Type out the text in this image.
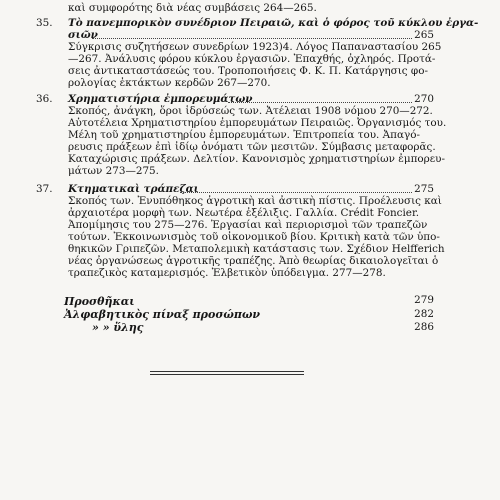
καὶ συμφορότης διὰ νέας συμβάσεις 264—265.
35. Τὸ πανεμπορικὸν συνέδριον Πειραιῶ, καὶ ὁ φόρος τοῦ κύκλου ἐργα-
σιῶν	265
Σύγκρισις συζητήσεων συνεδρίων 1923)4. Λόγος Παπαναστασίου 265
—267. Ἀνάλυσις φόρου κύκλου ἐργασιῶν. Ἐπαχθής, ὀχληρός. Προτά-
σεις ἀντικαταστάσεώς του. Τροποποιήσεις Φ. Κ. Π. Κατάργησις φο-
ρολογίας ἐκτάκτων κερδῶν 267—270.
36. Χρηματιστήρια ἐμπορευμάτων	270
Σκοπός, ἀνάγκη, ὅροι ἱδρύσεώς των. Ἀτέλειαι 1908 νόμου 270—272.
Αὐτοτέλεια Χρηματιστηρίου ἐμπορευμάτων Πειραιῶς. Ὀργανισμός του.
Μέλη τοῦ χρηματιστηρίου ἐμπορευμάτων. Ἐπιτροπεία του. Ἀπαγό-
ρευσις πράξεων ἐπὶ ἰδίῳ ὀνόματι τῶν μεσιτῶν. Σύμβασις μεταφορᾶς.
Καταχώρισις πράξεων. Δελτίον. Κανονισμὸς χρηματιστηρίων ἐμπορευ-
μάτων 273—275.
37. Κτηματικαὶ τράπεζαι	275
Σκοπός των. Ἐνυπόθηκος ἀγροτικὴ καὶ ἀστικὴ πίστις. Προέλευσις καὶ
ἀρχαιοτέρα μορφὴ των. Νεωτέρα ἐξέλιξις. Γαλλία. Crédit Foncier.
Ἀπομίμησις του 275—276. Ἐργασίαι καὶ περιορισμοὶ τῶν τραπεζῶν
τούτων. Ἐκκοινωνισμὸς τοῦ οἰκονομικοῦ βίου. Κριτικὴ κατὰ τῶν ὑπο-
θηκικῶν Γριπεζῶν. Μεταπολεμικὴ κατάστασις των. Σχέδιον Helfferich
νέας ὀργανώσεως ἀγροτικῆς τραπέζης. Ἀπὸ θεωρίας δικαιολογεῖται ὁ
τραπεζικὸς καταμερισμός. Ἑλβετικὸν ὑπόδειγμα. 277—278.
Προσθῆκαι	279
Ἀλφαβητικὸς πίναξ προσώπων	282
» » ὕλης	286
